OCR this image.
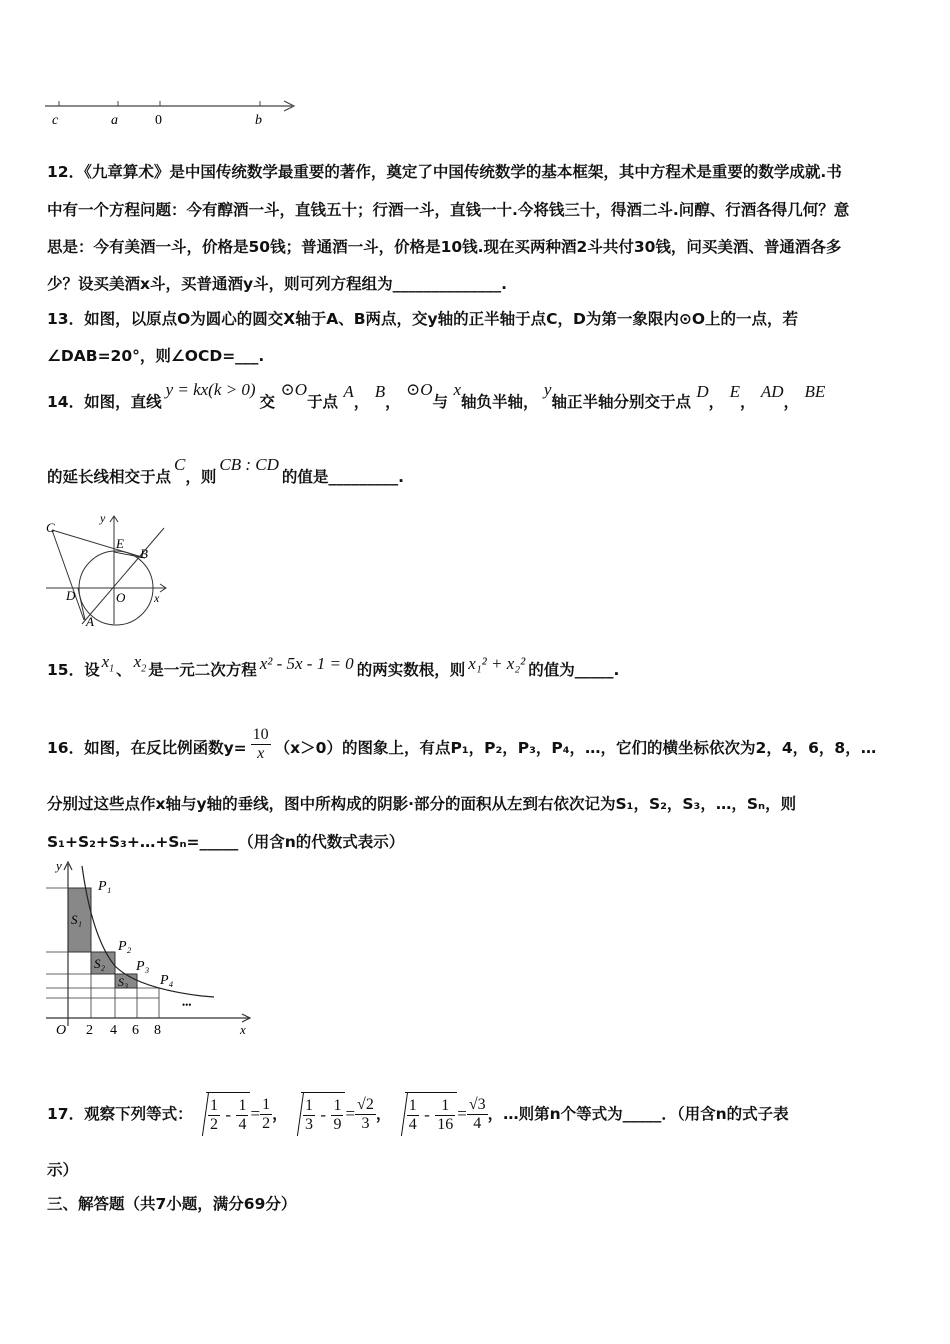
c	a	0	b
12．《九章算术》是中国传统数学最重要的著作，奠定了中国传统数学的基本框架，其中方程术是重要的数学成就.书
中有一个方程问题：今有醇酒一斗，直钱五十；行酒一斗，直钱一十.今将钱三十，得酒二斗.问醇、行酒各得几何？意
思是：今有美酒一斗，价格是50钱；普通酒一斗，价格是10钱.现在买两种酒2斗共付30钱，问买美酒、普通酒各多
少？设买美酒x斗，买普通酒y斗，则可列方程组为______________.
13．如图，以原点O为圆心的圆交X轴于A、B两点，交y轴的正半轴于点C，D为第一象限内⊙O上的一点，若
∠DAB=20°，则∠OCD=___.
14．如图，直线y = kx(k > 0)交 ⊙O于点 A， B， ⊙O与 x轴负半轴， y轴正半轴分别交于点 D， E， AD， BE
的延长线相交于点C，则CB : CD的值是_________.
C
y
E
B
D	O x
A
15．设 $x_1$ 、 $x_2$ 是一元二次方程 x² - 5x - 1 = 0 的两实数根，则 x₁² + x₂² 的值为_____.
16．如图，在反比例函数$y= \frac{10}{x} (x>0)$的图象上，有点P₁，P₂，P₃，P₄，…，它们的横坐标依次为2，4，6，8，…
分别过这些点作x轴与y轴的垂线，图中所构成的阴影·部分的面积从左到右依次记为S₁，S₂，S₃，…，Sₙ，则
S₁+S₂+S₃+…+Sₙ=_____（用含n的代数式表示）
y
x
O 2 4 6 8
P₁
P₂
P₃
P₄
S₁
S₂
S₃
•••
17．观察下列等式： $\frac{1}{2} - \frac{1}{4} = \frac{1}{2}$ ， $\frac{1}{3} - \frac{1}{9} = \frac{√2}{3}$ ， $\frac{1}{4} - \frac{1}{16} = \frac{√3}{4}$ ，…则第n个等式为_____．（用含n的式子表
示）
三、解答题（共7小题，满分69分）
